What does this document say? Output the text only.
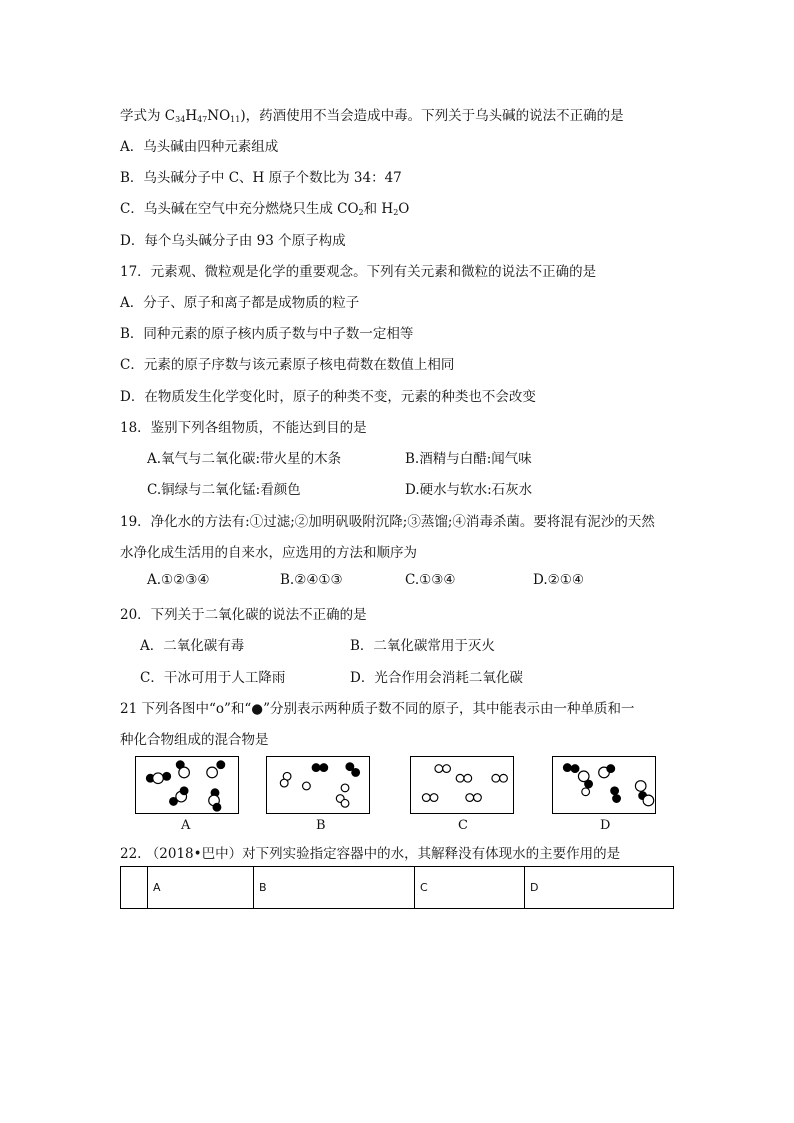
学式为 $C_{34}H_{47}NO_{11}$)，药酒使用不当会造成中毒。下列关于乌头碱的说法不正确的是
A．乌头碱由四种元素组成
B．乌头碱分子中 C、H 原子个数比为 34：47
C．乌头碱在空气中充分燃烧只生成 $CO_2$和 $H_2O$
D．每个乌头碱分子由 93 个原子构成
17．元素观、微粒观是化学的重要观念。下列有关元素和微粒的说法不正确的是
A．分子、原子和离子都是成物质的粒子
B．同种元素的原子核内质子数与中子数一定相等
C．元素的原子序数与该元素原子核电荷数在数值上相同
D．在物质发生化学变化时，原子的种类不变，元素的种类也不会改变
18．鉴别下列各组物质，不能达到目的是
A.氧气与二氧化碳:带火星的木条	B.酒精与白醋:闻气味
C.铜绿与二氧化锰:看颜色	D.硬水与软水:石灰水
19．净化水的方法有:①过滤;②加明矾吸附沉降;③蒸馏;④消毒杀菌。要将混有泥沙的天然
水净化成生活用的自来水，应选用的方法和顺序为
A.①②③④	B.②④①③	C.①③④	D.②①④
20．下列关于二氧化碳的说法不正确的是
A．二氧化碳有毒	B．二氧化碳常用于灭火
C．干冰可用于人工降雨	D．光合作用会消耗二氧化碳
21 下列各图中“o”和“●”分别表示两种质子数不同的原子，其中能表示由一种单质和一
种化合物组成的混合物是
A	B	C	D
22. （2018•巴中）对下列实验指定容器中的水，其解释没有体现水的主要作用的是
	A	B	C	D
